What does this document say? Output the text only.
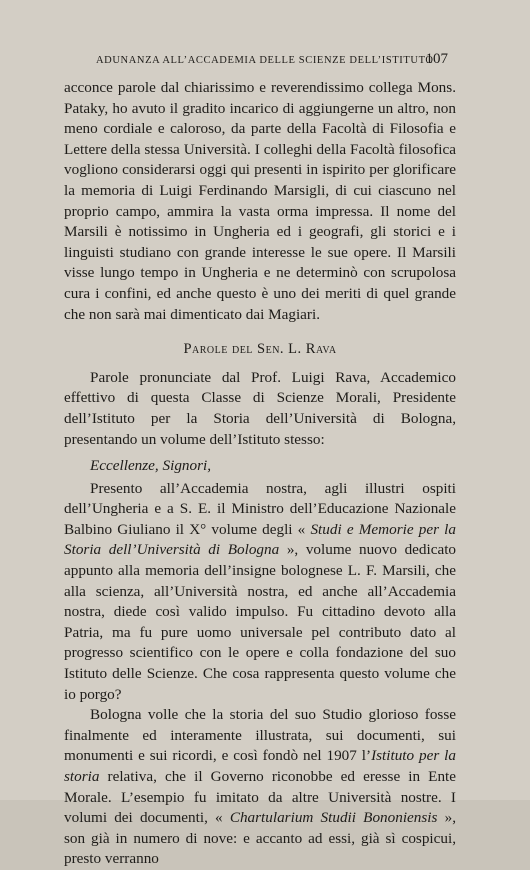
ADUNANZA ALL’ACCADEMIA DELLE SCIENZE DELL’ISTITUTO
107

acconce parole dal chiarissimo e reverendissimo collega Mons. Pataky, ho avuto il gradito incarico di aggiungerne un altro, non meno cordiale e caloroso, da parte della Facoltà di Filosofia e Lettere della stessa Università. I colleghi della Facoltà filosofica vogliono considerarsi oggi qui presenti in ispirito per glorificare la memoria di Luigi Ferdinando Marsigli, di cui ciascuno nel proprio campo, ammira la vasta orma impressa. Il nome del Marsili è notissimo in Ungheria ed i geografi, gli storici e i linguisti studiano con grande interesse le sue opere. Il Marsili visse lungo tempo in Ungheria e ne determinò con scrupolosa cura i confini, ed anche questo è uno dei meriti di quel grande che non sarà mai dimenticato dai Magiari.

Parole del Sen. L. Rava

Parole pronunciate dal Prof. Luigi Rava, Accademico effettivo di questa Classe di Scienze Morali, Presidente dell’Istituto per la Storia dell’Università di Bologna, presentando un volume dell’Istituto stesso:

Eccellenze, Signori,

Presento all’Accademia nostra, agli illustri ospiti dell’Ungheria e a S. E. il Ministro dell’Educazione Nazionale Balbino Giuliano il X° volume degli « Studi e Memorie per la Storia dell’Università di Bologna », volume nuovo dedicato appunto alla memoria dell’insigne bolognese L. F. Marsili, che alla scienza, all’Università nostra, ed anche all’Accademia nostra, diede così valido impulso. Fu cittadino devoto alla Patria, ma fu pure uomo universale pel contributo dato al progresso scientifico con le opere e colla fondazione del suo Istituto delle Scienze. Che cosa rappresenta questo volume che io porgo?

Bologna volle che la storia del suo Studio glorioso fosse finalmente ed interamente illustrata, sui documenti, sui monumenti e sui ricordi, e così fondò nel 1907 l’Istituto per la storia relativa, che il Governo riconobbe ed eresse in Ente Morale. L’esempio fu imitato da altre Università nostre. I volumi dei documenti, « Chartularium Studii Bononiensis », son già in numero di nove: e accanto ad essi, già sì cospicui, presto verranno
